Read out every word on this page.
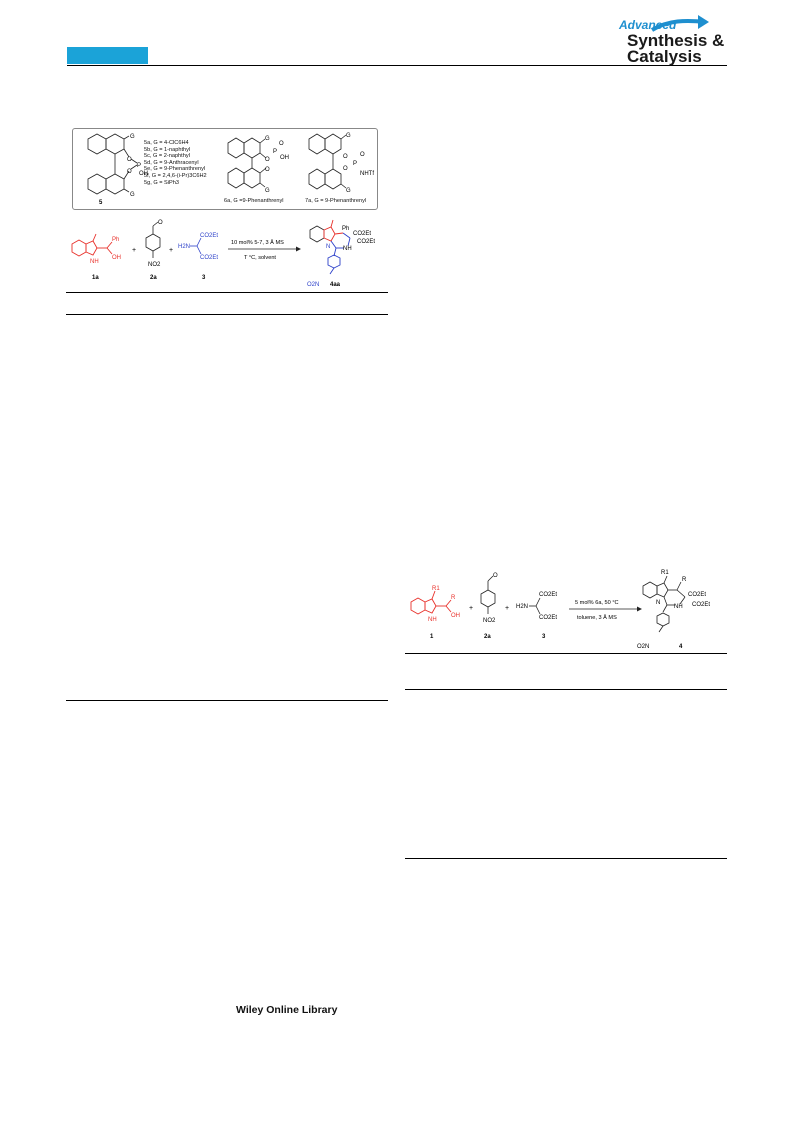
Advanced
Synthesis &
Catalysis
G
G
O
O
P
OH
5
5a, G = 4-ClC6H4
5b, G = 1-naphthyl
5c, G = 2-naphthyl
5d, G = 9-Anthracenyl
5e, G = 9-Phenanthrenyl
5f, G = 2,4,6-(i-Pr)3C6H2
5g, G = SiPh3
G
G
O
O
P
O
OH
6a, G =9-Phenanthrenyl
G
G
O
O
P
O
NHTf
7a, G = 9-Phenanthrenyl
Ph
OH
NH
1a
+
O
NO2
2a
+ H2N
CO2Et
CO2Et
3
10 mol% 5-7, 3 Å MS
T °C, solvent
Ph
CO2Et
CO2Et
NH
N
O2N 4aa
R1
R
OH
NH
1
+
O
NO2
2a
+ H2N
CO2Et
CO2Et
3
5 mol% 6a, 50 °C
toluene, 3 Å MS
R1
R
CO2Et
CO2Et
NH
N
O2N	4
Wiley Online Library
